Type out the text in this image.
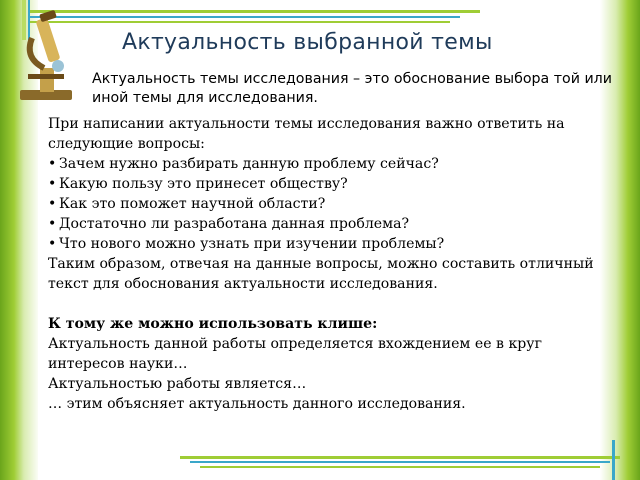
Актуальность выбранной темы
Актуальность темы исследования – это обоснование выбора той или иной темы для исследования.
При написании актуальности темы исследования важно ответить на следующие вопросы:
• Зачем нужно разбирать данную проблему сейчас?
• Какую пользу это принесет обществу?
• Как это поможет научной области?
• Достаточно ли разработана данная проблема?
• Что нового можно узнать при изучении проблемы?
Таким образом, отвечая на данные вопросы, можно составить отличный текст для обоснования актуальности исследования.
К тому же можно использовать клише:
Актуальность данной работы определяется вхождением ее в круг интересов науки…
Актуальностью работы является…
… этим объясняет актуальность данного исследования.
